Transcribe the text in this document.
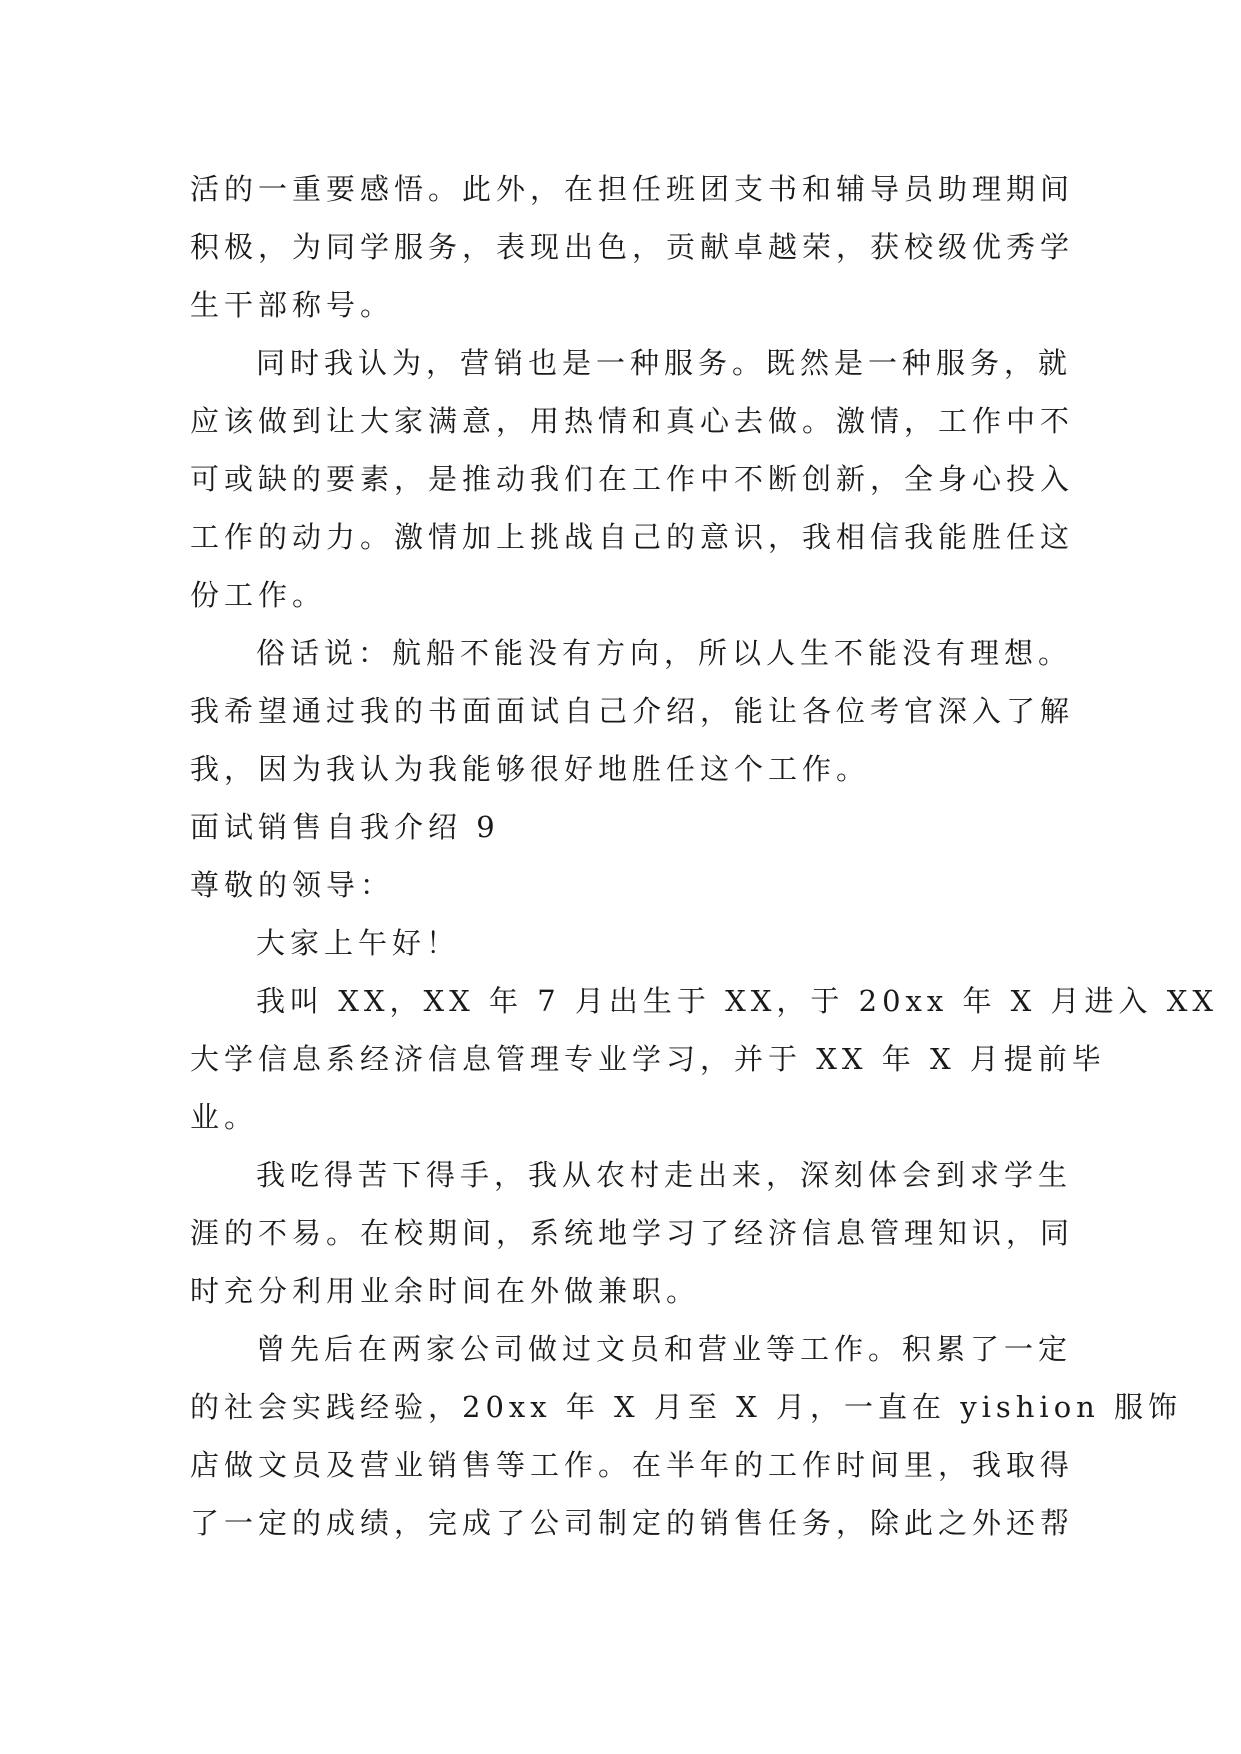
活的一重要感悟。此外，在担任班团支书和辅导员助理期间
积极，为同学服务，表现出色，贡献卓越荣，获校级优秀学
生干部称号。
同时我认为，营销也是一种服务。既然是一种服务，就
应该做到让大家满意，用热情和真心去做。激情，工作中不
可或缺的要素，是推动我们在工作中不断创新，全身心投入
工作的动力。激情加上挑战自己的意识，我相信我能胜任这
份工作。
俗话说：航船不能没有方向，所以人生不能没有理想。
我希望通过我的书面面试自己介绍，能让各位考官深入了解
我，因为我认为我能够很好地胜任这个工作。
面试销售自我介绍 9
尊敬的领导：
大家上午好！
我叫 XX，XX 年 7 月出生于 XX，于 20xx 年 X 月进入 XX
大学信息系经济信息管理专业学习，并于 XX 年 X 月提前毕
业。
我吃得苦下得手，我从农村走出来，深刻体会到求学生
涯的不易。在校期间，系统地学习了经济信息管理知识，同
时充分利用业余时间在外做兼职。
曾先后在两家公司做过文员和营业等工作。积累了一定
的社会实践经验，20xx 年 X 月至 X 月，一直在 yishion 服饰
店做文员及营业销售等工作。在半年的工作时间里，我取得
了一定的成绩，完成了公司制定的销售任务，除此之外还帮
